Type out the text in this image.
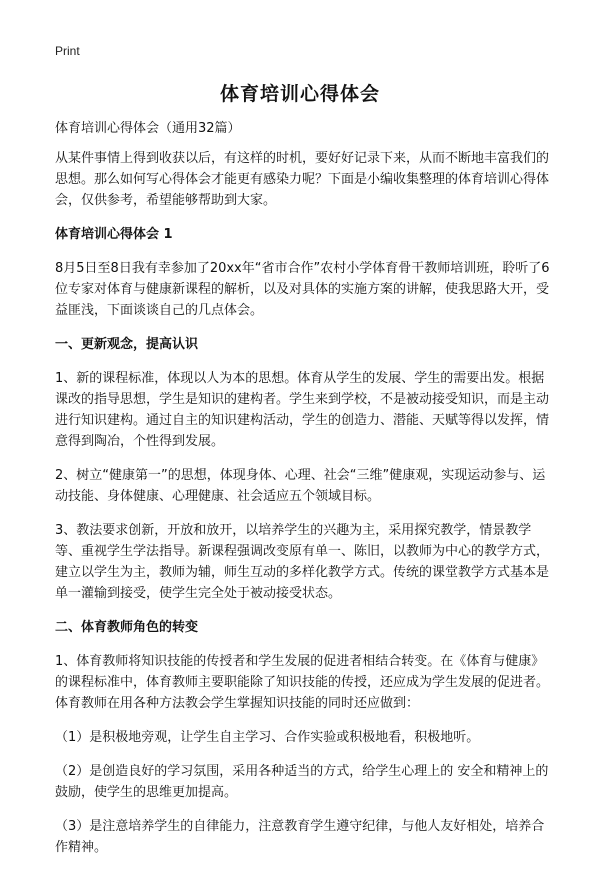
Print
体育培训心得体会

体育培训心得体会（通用32篇）

从某件事情上得到收获以后，有这样的时机，要好好记录下来，从而不断地丰富我们的思想。那么如何写心得体会才能更有感染力呢？下面是小编收集整理的体育培训心得体会，仅供参考，希望能够帮助到大家。

体育培训心得体会 1

8月5日至8日我有幸参加了20xx年“省市合作”农村小学体育骨干教师培训班，聆听了6位专家对体育与健康新课程的解析，以及对具体的实施方案的讲解，使我思路大开，受益匪浅，下面谈谈自己的几点体会。

一、更新观念，提高认识

1、新的课程标准，体现以人为本的思想。体育从学生的发展、学生的需要出发。根据课改的指导思想，学生是知识的建构者。学生来到学校，不是被动接受知识，而是主动进行知识建构。通过自主的知识建构活动，学生的创造力、潜能、天赋等得以发挥，情意得到陶冶，个性得到发展。

2、树立“健康第一”的思想，体现身体、心理、社会“三维”健康观，实现运动参与、运动技能、身体健康、心理健康、社会适应五个领域目标。

3、教法要求创新，开放和放开，以培养学生的兴趣为主，采用探究教学，情景教学等、重视学生学法指导。新课程强调改变原有单一、陈旧，以教师为中心的教学方式，建立以学生为主，教师为辅，师生互动的多样化教学方式。传统的课堂教学方式基本是单一灌输到接受，使学生完全处于被动接受状态。

二、体育教师角色的转变

1、体育教师将知识技能的传授者和学生发展的促进者相结合转变。在《体育与健康》的课程标准中，体育教师主要职能除了知识技能的传授，还应成为学生发展的促进者。体育教师在用各种方法教会学生掌握知识技能的同时还应做到：

（1）是积极地旁观，让学生自主学习、合作实验或积极地看，积极地听。

（2）是创造良好的学习氛围，采用各种适当的方式，给学生心理上的 安全和精神上的鼓励，使学生的思维更加提高。

（3）是注意培养学生的自律能力，注意教育学生遵守纪律，与他人友好相处，培养合作精神。
